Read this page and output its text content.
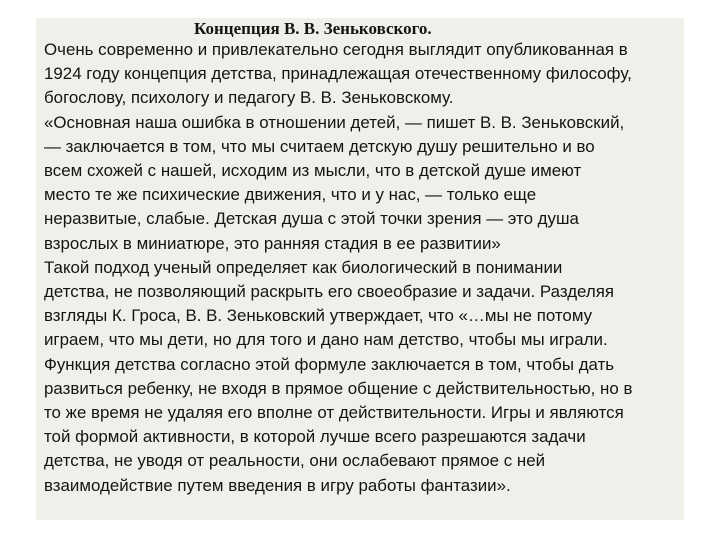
Концепция В. В. Зеньковского.
Очень современно и привлекательно сегодня выглядит опубликованная в
1924 году концепция детства, принадлежащая отечественному философу,
богослову, психологу и педагогу В. В. Зеньковскому.
«Основная наша ошибка в отношении детей, — пишет В. В. Зеньковский,
— заключается в том, что мы считаем детскую душу решительно и во
всем схожей с нашей, исходим из мысли, что в детской душе имеют
место те же психические движения, что и у нас, — только еще
неразвитые, слабые. Детская душа с этой точки зрения — это душа
взрослых в миниатюре, это ранняя стадия в ее развитии»
Такой подход ученый определяет как биологический в понимании
детства, не позволяющий раскрыть его своеобразие и задачи. Разделяя
взгляды К. Гроса, В. В. Зеньковский утверждает, что «…мы не потому
играем, что мы дети, но для того и дано нам детство, чтобы мы играли.
Функция детства согласно этой формуле заключается в том, чтобы дать
развиться ребенку, не входя в прямое общение с действительностью, но в
то же время не удаляя его вполне от действительности. Игры и являются
той формой активности, в которой лучше всего разрешаются задачи
детства, не уводя от реальности, они ослабевают прямое с ней
взаимодействие путем введения в игру работы фантазии».
